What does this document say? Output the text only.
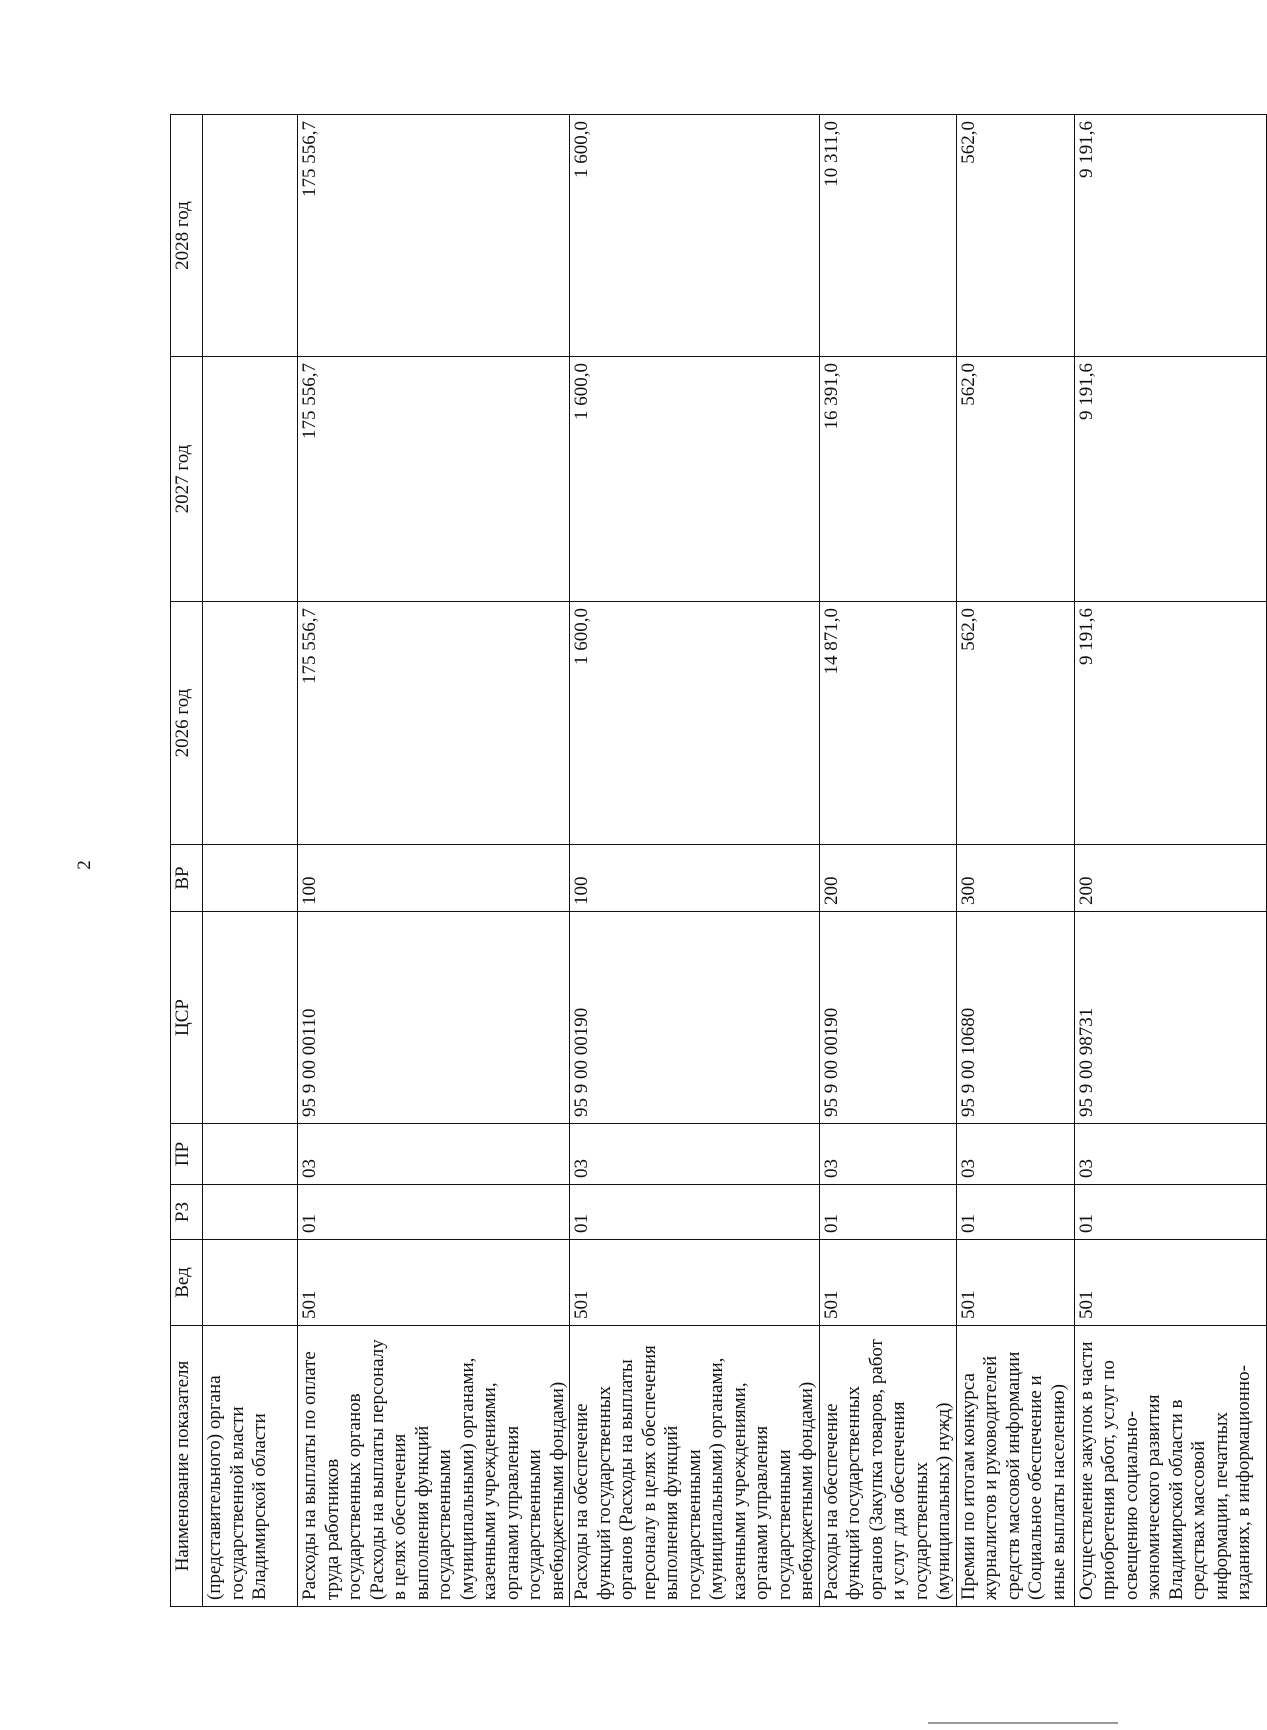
2
Наименование показателя	Вед	РЗ	ПР	ЦСР	ВР	2026 год	2027 год	2028 год
(представительного) органа государственной власти Владимирской области								
Расходы на выплаты по оплате труда работников государственных органов (Расходы на выплаты персоналу в целях обеспечения выполнения функций государственными (муниципальными) органами, казенными учреждениями, органами управления государственными внебюджетными фондами)	501	01	03	95 9 00 00110	100	175 556,7	175 556,7	175 556,7
Расходы на обеспечение функций государственных органов (Расходы на выплаты персоналу в целях обеспечения выполнения функций государственными (муниципальными) органами, казенными учреждениями, органами управления государственными внебюджетными фондами)	501	01	03	95 9 00 00190	100	1 600,0	1 600,0	1 600,0
Расходы на обеспечение функций государственных органов (Закупка товаров, работ и услуг для обеспечения государственных (муниципальных) нужд)	501	01	03	95 9 00 00190	200	14 871,0	16 391,0	10 311,0
Премии по итогам конкурса журналистов и руководителей средств массовой информации (Социальное обеспечение и иные выплаты населению)	501	01	03	95 9 00 10680	300	562,0	562,0	562,0
Осуществление закупок в части приобретения работ, услуг по освещению социально-экономического развития Владимирской области в средствах массовой информации, печатных изданиях, в информационно-	501	01	03	95 9 00 98731	200	9 191,6	9 191,6	9 191,6
